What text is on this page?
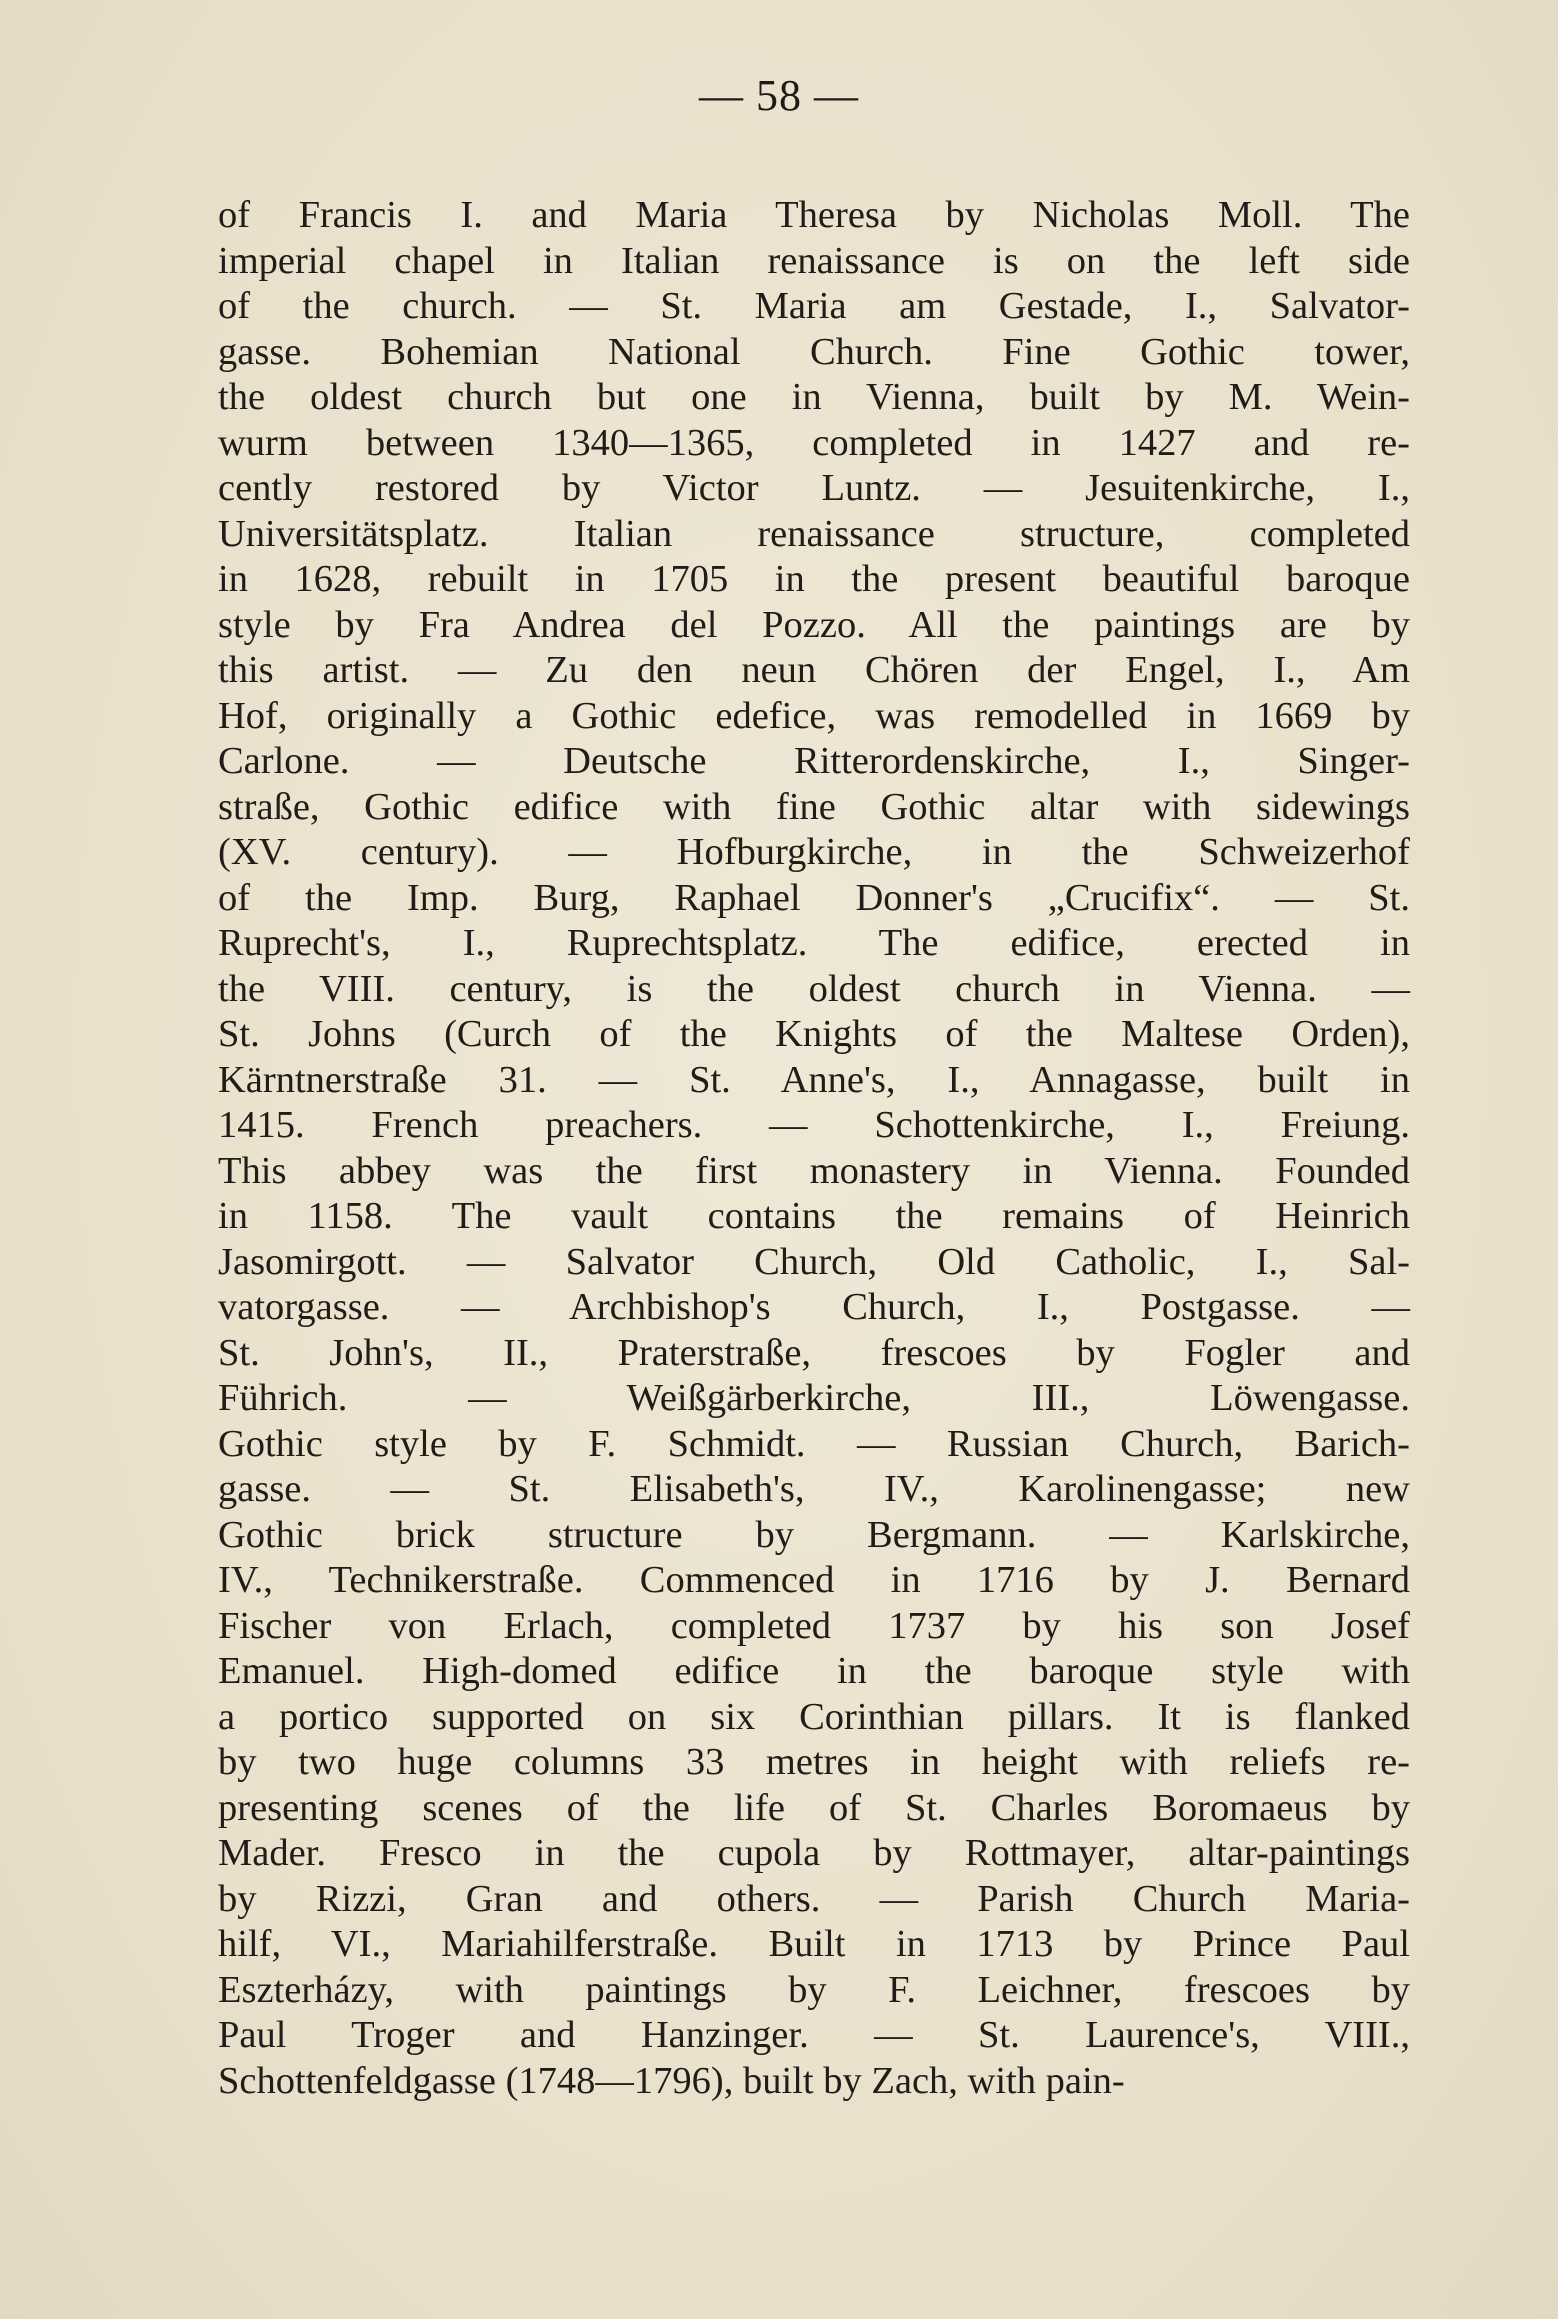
— 58 —
of Francis I. and Maria Theresa by Nicholas Moll. The
imperial chapel in Italian renaissance is on the left side
of the church. — St. Maria am Gestade, I., Salvator-
gasse. Bohemian National Church. Fine Gothic tower,
the oldest church but one in Vienna, built by M. Wein-
wurm between 1340—1365, completed in 1427 and re-
cently restored by Victor Luntz. — Jesuitenkirche, I.,
Universitätsplatz. Italian renaissance structure, completed
in 1628, rebuilt in 1705 in the present beautiful baroque
style by Fra Andrea del Pozzo. All the paintings are by
this artist. — Zu den neun Chören der Engel, I., Am
Hof, originally a Gothic edefice, was remodelled in 1669 by
Carlone. — Deutsche Ritterordenskirche, I., Singer-
straße, Gothic edifice with fine Gothic altar with sidewings
(XV. century). — Hofburgkirche, in the Schweizerhof
of the Imp. Burg, Raphael Donner's „Crucifix“. — St.
Ruprecht's, I., Ruprechtsplatz. The edifice, erected in
the VIII. century, is the oldest church in Vienna. —
St. Johns (Curch of the Knights of the Maltese Orden),
Kärntnerstraße 31. — St. Anne's, I., Annagasse, built in
1415. French preachers. — Schottenkirche, I., Freiung.
This abbey was the first monastery in Vienna. Founded
in 1158. The vault contains the remains of Heinrich
Jasomirgott. — Salvator Church, Old Catholic, I., Sal-
vatorgasse. — Archbishop's Church, I., Postgasse. —
St. John's, II., Praterstraße, frescoes by Fogler and
Führich. — Weißgärberkirche, III., Löwengasse.
Gothic style by F. Schmidt. — Russian Church, Barich-
gasse. — St. Elisabeth's, IV., Karolinengasse; new
Gothic brick structure by Bergmann. — Karlskirche,
IV., Technikerstraße. Commenced in 1716 by J. Bernard
Fischer von Erlach, completed 1737 by his son Josef
Emanuel. High-domed edifice in the baroque style with
a portico supported on six Corinthian pillars. It is flanked
by two huge columns 33 metres in height with reliefs re-
presenting scenes of the life of St. Charles Boromaeus by
Mader. Fresco in the cupola by Rottmayer, altar-paintings
by Rizzi, Gran and others. — Parish Church Maria-
hilf, VI., Mariahilferstraße. Built in 1713 by Prince Paul
Eszterházy, with paintings by F. Leichner, frescoes by
Paul Troger and Hanzinger. — St. Laurence's, VIII.,
Schottenfeldgasse (1748—1796), built by Zach, with pain-
